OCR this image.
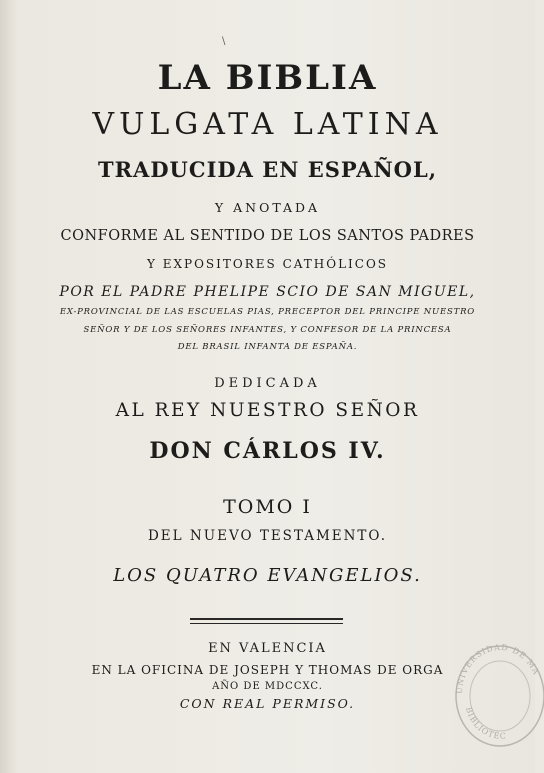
\
LA BIBLIA
VULGATA LATINA
TRADUCIDA EN ESPAÑOL,
Y ANOTADA
CONFORME AL SENTIDO DE LOS SANTOS PADRES
Y EXPOSITORES CATHÓLICOS
POR EL PADRE PHELIPE SCIO DE SAN MIGUEL,
EX-PROVINCIAL DE LAS ESCUELAS PIAS, PRECEPTOR DEL PRINCIPE NUESTRO
SEÑOR Y DE LOS SEÑORES INFANTES, Y CONFESOR DE LA PRINCESA
DEL BRASIL INFANTA DE ESPAÑA.
DEDICADA
AL REY NUESTRO SEÑOR
DON CÁRLOS IV.
TOMO I
DEL NUEVO TESTAMENTO.
LOS QUATRO EVANGELIOS.
EN VALENCIA
EN LA OFICINA DE JOSEPH Y THOMAS DE ORGA
AÑO DE MDCCXC.
CON REAL PERMISO.
UNIVERSIDAD DE MA
BIBLIOTEC
